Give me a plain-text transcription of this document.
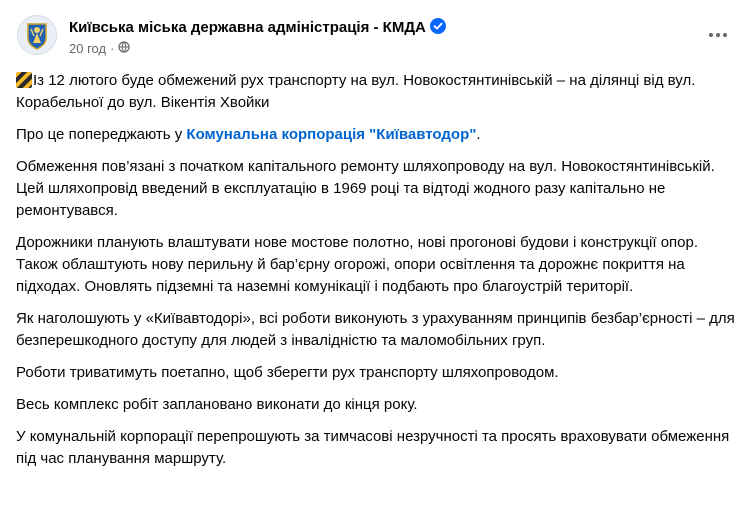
Київська міська державна адміністрація - КМДА
20 год ·

Із 12 лютого буде обмежений рух транспорту на вул. Новокостянтинівській – на ділянці від вул. Корабельної до вул. Вікентія Хвойки

Про це попереджають у Комунальна корпорація "Київавтодор".

Обмеження пов’язані з початком капітального ремонту шляхопроводу на вул. Новокостянтинівській. Цей шляхопровід введений в експлуатацію в 1969 році та відтоді жодного разу капітально не ремонтувався.

Дорожники планують влаштувати нове мостове полотно, нові прогонові будови і конструкції опор. Також облаштують нову перильну й бар’єрну огорожі, опори освітлення та дорожнє покриття на підходах. Оновлять підземні та наземні комунікації і подбають про благоустрій території.

Як наголошують у «Київавтодорі», всі роботи виконують з урахуванням принципів безбар’єрності – для безперешкодного доступу для людей з інвалідністю та маломобільних груп.

Роботи триватимуть поетапно, щоб зберегти рух транспорту шляхопроводом.

Весь комплекс робіт заплановано виконати до кінця року.

У комунальній корпорації перепрошують за тимчасові незручності та просять враховувати обмеження під час планування маршруту.
